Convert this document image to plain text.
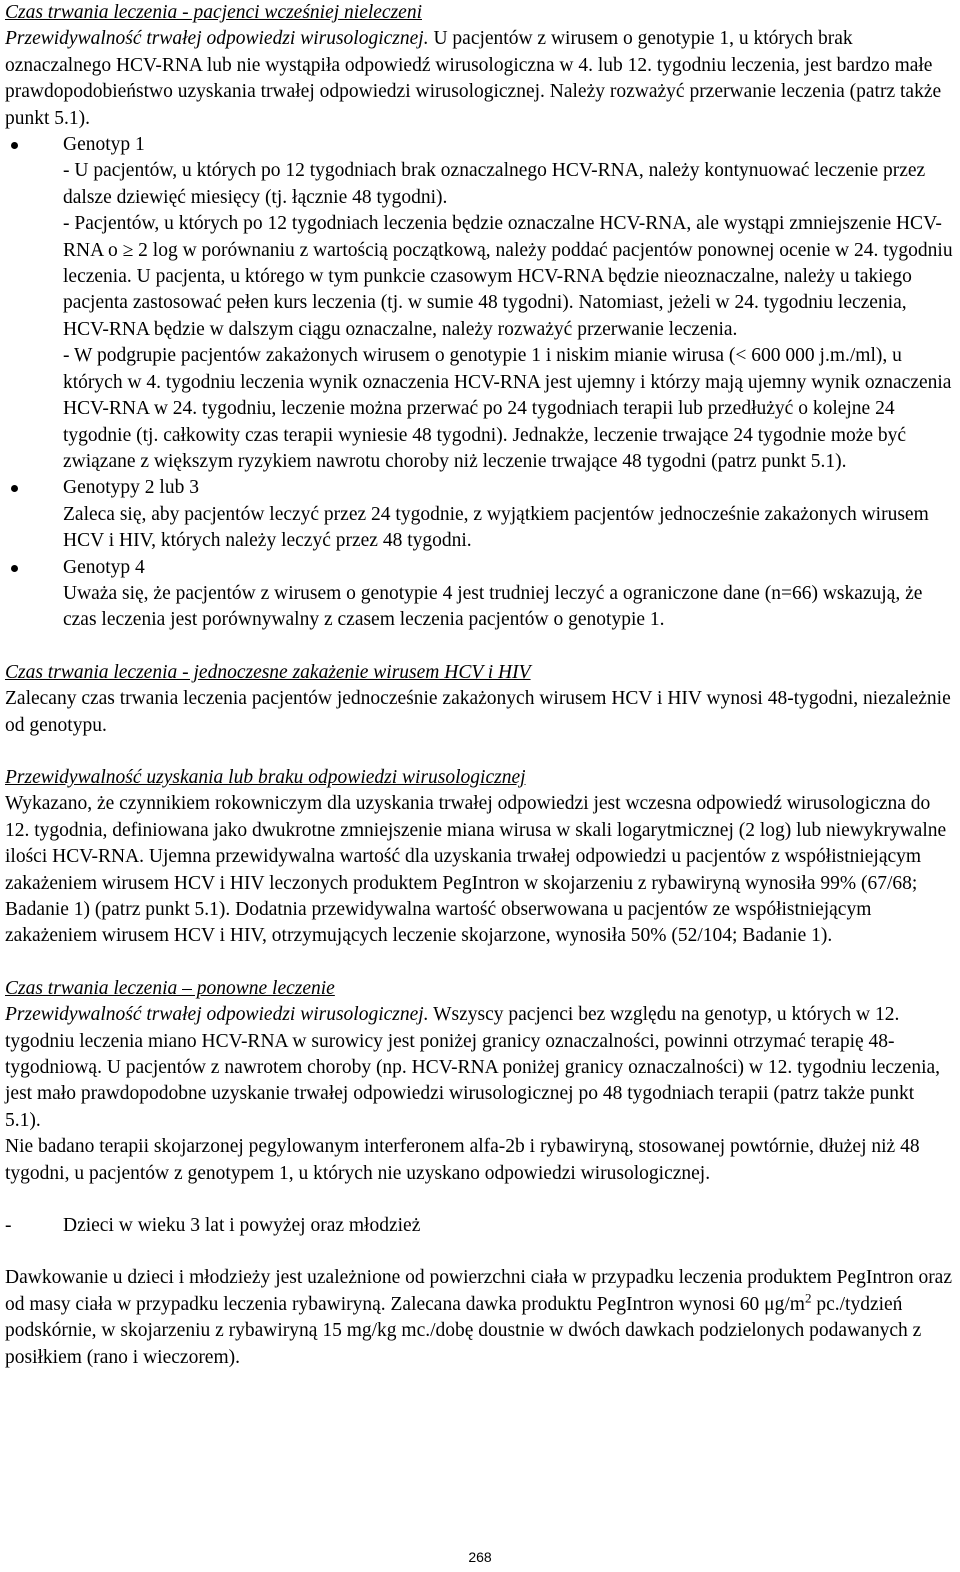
Czas trwania leczenia - pacjenci wcześniej nieleczeni

Przewidywalność trwałej odpowiedzi wirusologicznej. U pacjentów z wirusem o genotypie 1, u których brak oznaczalnego HCV-RNA lub nie wystąpiła odpowiedź wirusologiczna w 4. lub 12. tygodniu leczenia, jest bardzo małe prawdopodobieństwo uzyskania trwałej odpowiedzi wirusologicznej. Należy rozważyć przerwanie leczenia (patrz także punkt 5.1).

Genotyp 1

- U pacjentów, u których po 12 tygodniach brak oznaczalnego HCV-RNA, należy kontynuować leczenie przez dalsze dziewięć miesięcy (tj. łącznie 48 tygodni).

- Pacjentów, u których po 12 tygodniach leczenia będzie oznaczalne HCV-RNA, ale wystąpi zmniejszenie HCV-RNA o ≥ 2 log w porównaniu z wartością początkową, należy poddać pacjentów ponownej ocenie w 24. tygodniu leczenia. U pacjenta, u którego w tym punkcie czasowym HCV-RNA będzie nieoznaczalne, należy u takiego pacjenta zastosować pełen kurs leczenia (tj. w sumie 48 tygodni). Natomiast, jeżeli w 24. tygodniu leczenia, HCV-RNA będzie w dalszym ciągu oznaczalne, należy rozważyć przerwanie leczenia.

- W podgrupie pacjentów zakażonych wirusem o genotypie 1 i niskim mianie wirusa (< 600 000 j.m./ml), u których w 4. tygodniu leczenia wynik oznaczenia HCV-RNA jest ujemny i którzy mają ujemny wynik oznaczenia HCV-RNA w 24. tygodniu, leczenie można przerwać po 24 tygodniach terapii lub przedłużyć o kolejne 24 tygodnie (tj. całkowity czas terapii wyniesie 48 tygodni). Jednakże, leczenie trwające 24 tygodnie może być związane z większym ryzykiem nawrotu choroby niż leczenie trwające 48 tygodni (patrz punkt 5.1).

Genotypy 2 lub 3

Zaleca się, aby pacjentów leczyć przez 24 tygodnie, z wyjątkiem pacjentów jednocześnie zakażonych wirusem HCV i HIV, których należy leczyć przez 48 tygodni.

Genotyp 4

Uważa się, że pacjentów z wirusem o genotypie 4 jest trudniej leczyć a ograniczone dane (n=66) wskazują, że czas leczenia jest porównywalny z czasem leczenia pacjentów o genotypie 1.

Czas trwania leczenia - jednoczesne zakażenie wirusem HCV i HIV

Zalecany czas trwania leczenia pacjentów jednocześnie zakażonych wirusem HCV i HIV wynosi 48-tygodni, niezależnie od genotypu.

Przewidywalność uzyskania lub braku odpowiedzi wirusologicznej

Wykazano, że czynnikiem rokowniczym dla uzyskania trwałej odpowiedzi jest wczesna odpowiedź wirusologiczna do 12. tygodnia, definiowana jako dwukrotne zmniejszenie miana wirusa w skali logarytmicznej (2 log) lub niewykrywalne ilości HCV-RNA. Ujemna przewidywalna wartość dla uzyskania trwałej odpowiedzi u pacjentów z współistniejącym zakażeniem wirusem HCV i HIV leczonych produktem PegIntron w skojarzeniu z rybawiryną wynosiła 99% (67/68; Badanie 1) (patrz punkt 5.1). Dodatnia przewidywalna wartość obserwowana u pacjentów ze współistniejącym zakażeniem wirusem HCV i HIV, otrzymujących leczenie skojarzone, wynosiła 50% (52/104; Badanie 1).

Czas trwania leczenia – ponowne leczenie

Przewidywalność trwałej odpowiedzi wirusologicznej. Wszyscy pacjenci bez względu na genotyp, u których w 12. tygodniu leczenia miano HCV-RNA w surowicy jest poniżej granicy oznaczalności, powinni otrzymać terapię 48-tygodniową. U pacjentów z nawrotem choroby (np. HCV-RNA poniżej granicy oznaczalności) w 12. tygodniu leczenia, jest mało prawdopodobne uzyskanie trwałej odpowiedzi wirusologicznej po 48 tygodniach terapii (patrz także punkt 5.1).

Nie badano terapii skojarzonej pegylowanym interferonem alfa-2b i rybawiryną, stosowanej powtórnie, dłużej niż 48 tygodni, u pacjentów z genotypem 1, u których nie uzyskano odpowiedzi wirusologicznej.

-	Dzieci w wieku 3 lat i powyżej oraz młodzież

Dawkowanie u dzieci i młodzieży jest uzależnione od powierzchni ciała w przypadku leczenia produktem PegIntron oraz od masy ciała w przypadku leczenia rybawiryną. Zalecana dawka produktu PegIntron wynosi 60 $\mu g/m^2$ pc./tydzień podskórnie, w skojarzeniu z rybawiryną 15 mg/kg mc./dobę doustnie w dwóch dawkach podzielonych podawanych z posiłkiem (rano i wieczorem).

268
